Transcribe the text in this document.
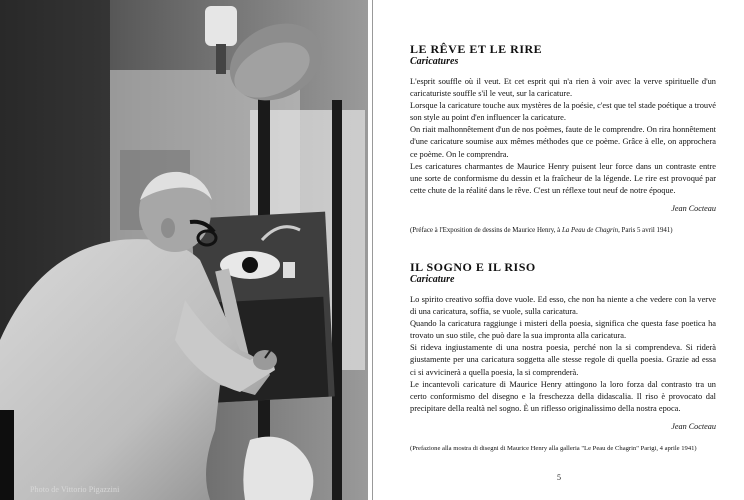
Photo de Vittorio Pigazzini
LE RÊVE ET LE RIRE
Caricatures

L'esprit souffle où il veut. Et cet esprit qui n'a rien à voir avec la verve spirituelle d'un caricaturiste souffle s'il le veut, sur la caricature.

Lorsque la caricature touche aux mystères de la poésie, c'est que tel stade poétique a trouvé son style au point d'en influencer la caricature.

On riait malhonnêtement d'un de nos poèmes, faute de le comprendre. On rira honnêtement d'une caricature soumise aux mêmes méthodes que ce poème. Grâce à elle, on approchera ce poème. On le comprendra.

Les caricatures charmantes de Maurice Henry puisent leur force dans un contraste entre une sorte de conformisme du dessin et la fraîcheur de la légende. Le rire est provoqué par cette chute de la réalité dans le rêve. C'est un réflexe tout neuf de notre époque.

Jean Cocteau

(Préface à l'Exposition de dessins de Maurice Henry, à La Peau de Chagrin, Paris 5 avril 1941)

IL SOGNO E IL RISO
Caricature

Lo spirito creativo soffia dove vuole. Ed esso, che non ha niente a che vedere con la verve di una caricatura, soffia, se vuole, sulla caricatura.

Quando la caricatura raggiunge i misteri della poesia, significa che questa fase poetica ha trovato un suo stile, che può dare la sua impronta alla caricatura.

Si rideva ingiustamente di una nostra poesia, perché non la si comprendeva. Si riderà giustamente per una caricatura soggetta alle stesse regole di quella poesia. Grazie ad essa ci si avvicinerà a quella poesia, la si comprenderà.

Le incantevoli caricature di Maurice Henry attingono la loro forza dal contrasto tra un certo conformismo del disegno e la freschezza della didascalia. Il riso è provocato dal precipitare della realtà nel sogno. È un riflesso originalissimo della nostra epoca.

Jean Cocteau

(Prefazione alla mostra di disegni di Maurice Henry alla galleria "Le Peau de Chagrin" Parigi, 4 aprile 1941)

5
